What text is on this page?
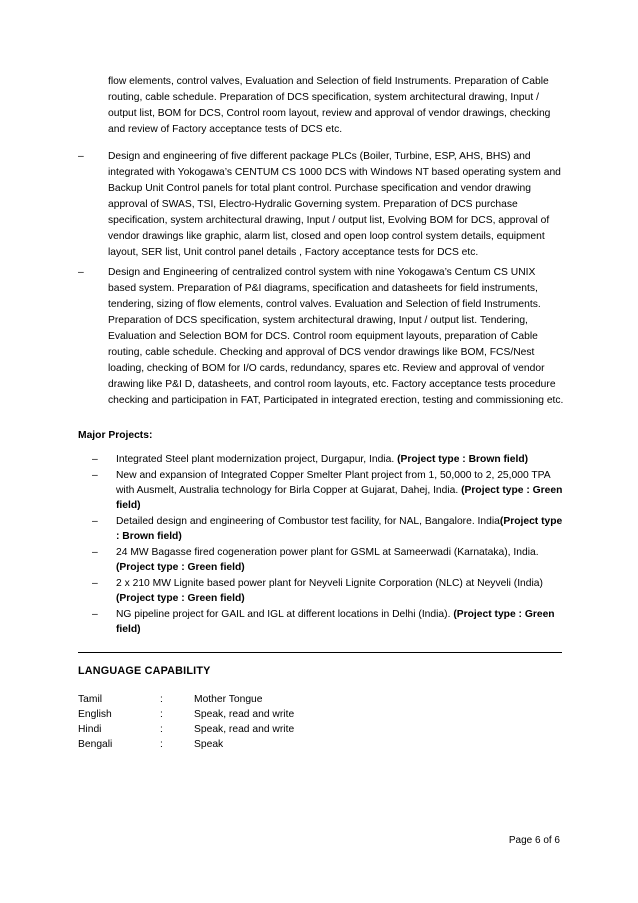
flow elements, control valves, Evaluation and Selection of field Instruments. Preparation of Cable routing, cable schedule. Preparation of DCS specification, system architectural drawing, Input / output list, BOM for DCS, Control room layout, review and approval of vendor drawings, checking and review of Factory acceptance tests of DCS etc.
–	Design and engineering of five different package PLCs (Boiler, Turbine, ESP, AHS, BHS) and integrated with Yokogawa’s CENTUM CS 1000 DCS with Windows NT based operating system and Backup Unit Control panels for total plant control. Purchase specification and vendor drawing approval of SWAS, TSI, Electro-Hydralic Governing system. Preparation of DCS purchase specification, system architectural drawing, Input / output list, Evolving BOM for DCS, approval of vendor drawings like graphic, alarm list, closed and open loop control system details, equipment layout, SER list, Unit control panel details , Factory acceptance tests for DCS etc.
–	Design and Engineering of centralized control system with nine Yokogawa’s Centum CS UNIX based system. Preparation of P&I diagrams, specification and datasheets for field instruments, tendering, sizing of flow elements, control valves. Evaluation and Selection of field Instruments. Preparation of DCS specification, system architectural drawing, Input / output list. Tendering, Evaluation and Selection BOM for DCS. Control room equipment layouts, preparation of Cable routing, cable schedule. Checking and approval of DCS vendor drawings like BOM, FCS/Nest loading, checking of BOM for I/O cards, redundancy, spares etc. Review and approval of vendor drawing like P&I D, datasheets, and control room layouts, etc. Factory acceptance tests procedure checking and participation in FAT, Participated in integrated erection, testing and commissioning etc.
Major Projects:
– Integrated Steel plant modernization project, Durgapur, India. (Project type : Brown field)
– New and expansion of Integrated Copper Smelter Plant project from 1, 50,000 to 2, 25,000 TPA with Ausmelt, Australia technology for Birla Copper at Gujarat, Dahej, India. (Project type : Green field)
– Detailed design and engineering of Combustor test facility, for NAL, Bangalore. India(Project type : Brown field)
– 24 MW Bagasse fired cogeneration power plant for GSML at Sameerwadi (Karnataka), India. (Project type : Green field)
– 2 x 210 MW Lignite based power plant for Neyveli Lignite Corporation (NLC) at Neyveli (India) (Project type : Green field)
– NG pipeline project for GAIL and IGL at different locations in Delhi (India). (Project type : Green field)
LANGUAGE CAPABILITY
Tamil	:	Mother Tongue
English	:	Speak, read and write
Hindi	:	Speak, read and write
Bengali	:	Speak
Page 6 of 6
